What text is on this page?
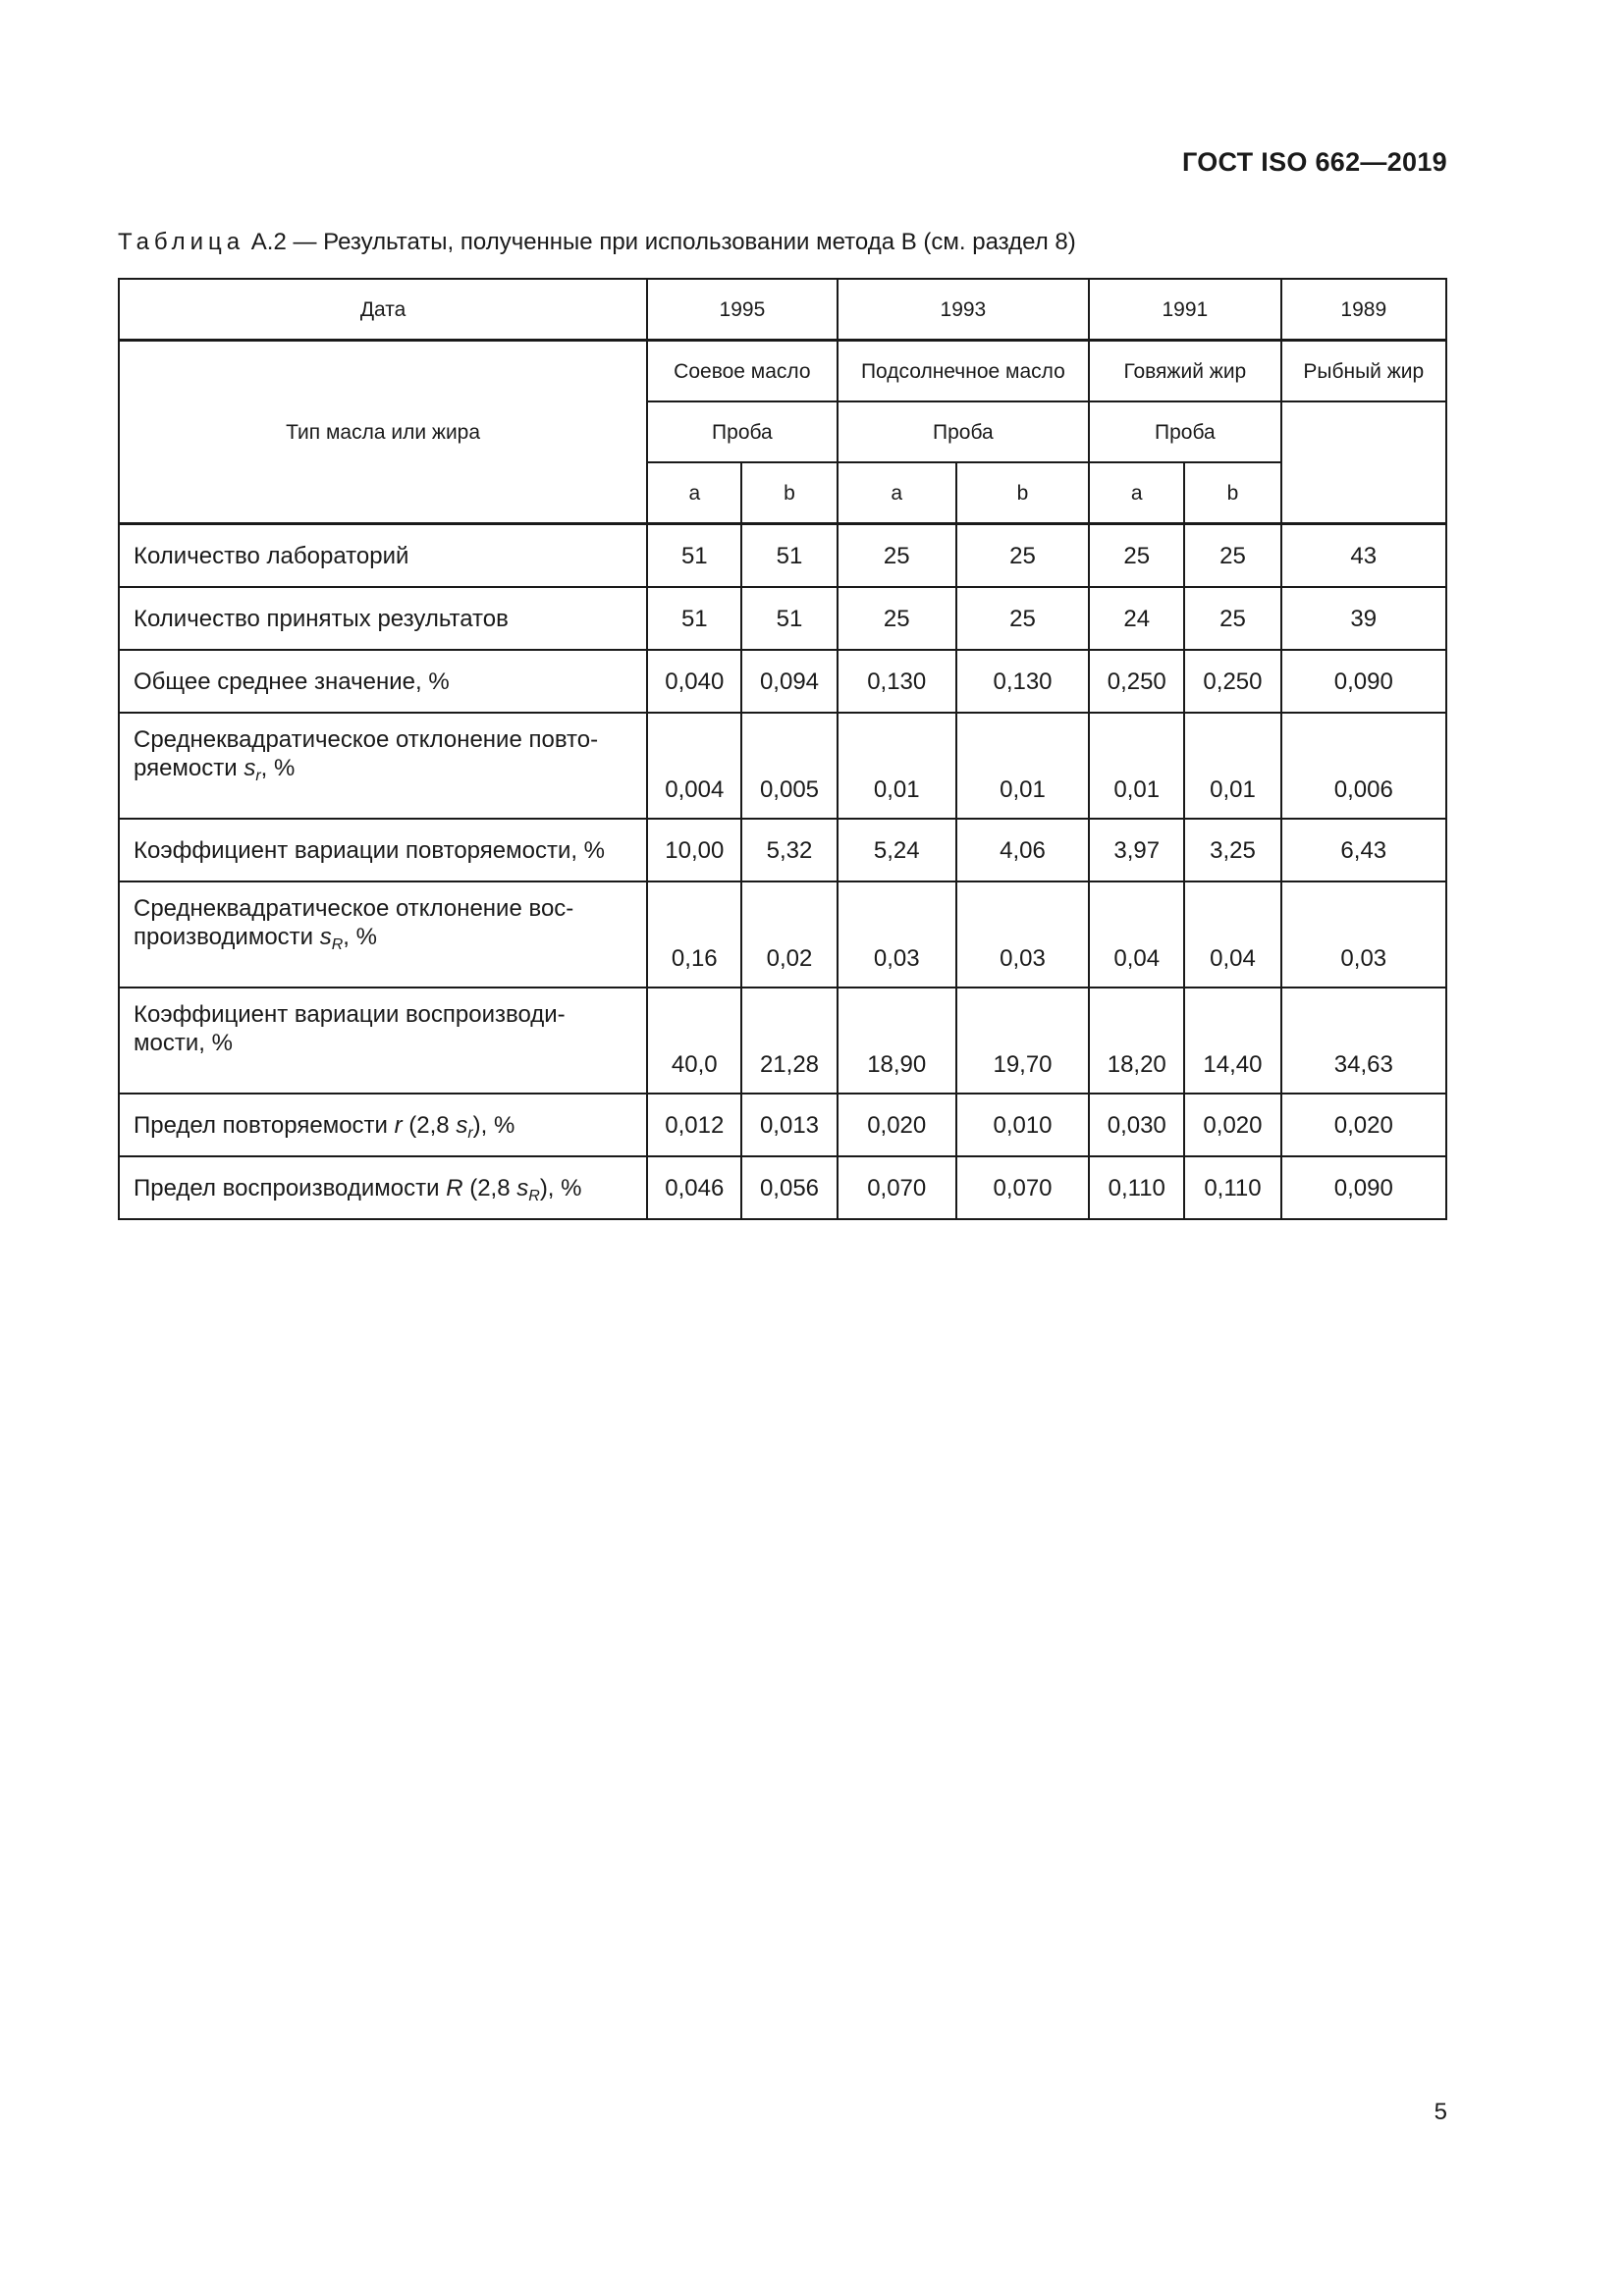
ГОСТ ISO 662—2019
Таблица A.2 — Результаты, полученные при использовании метода B (см. раздел 8)
Дата	1995		1993		1991		1989
Тип масла или жира	Соевое масло		Подсолнечное масло		Говяжий жир		Рыбный жир
	Проба		Проба		Проба		
	a	b	a	b	a	b	
Количество лабораторий	51	51	25	25	25	25	43
Количество принятых результатов	51	51	25	25	24	25	39
Общее среднее значение, %	0,040	0,094	0,130	0,130	0,250	0,250	0,090
Среднеквадратическое отклонение повто-
ряемости $s_r$, %	0,004	0,005	0,01	0,01	0,01	0,01	0,006
Коэффициент вариации повторяемости, %	10,00	5,32	5,24	4,06	3,97	3,25	6,43
Среднеквадратическое отклонение вос-
производимости $s_R$, %	0,16	0,02	0,03	0,03	0,04	0,04	0,03
Коэффициент вариации воспроизводи-
мости, %	40,0	21,28	18,90	19,70	18,20	14,40	34,63
Предел повторяемости r (2,8 $s_r$), %	0,012	0,013	0,020	0,010	0,030	0,020	0,020
Предел воспроизводимости R (2,8 $s_R$), %	0,046	0,056	0,070	0,070	0,110	0,110	0,090
5
